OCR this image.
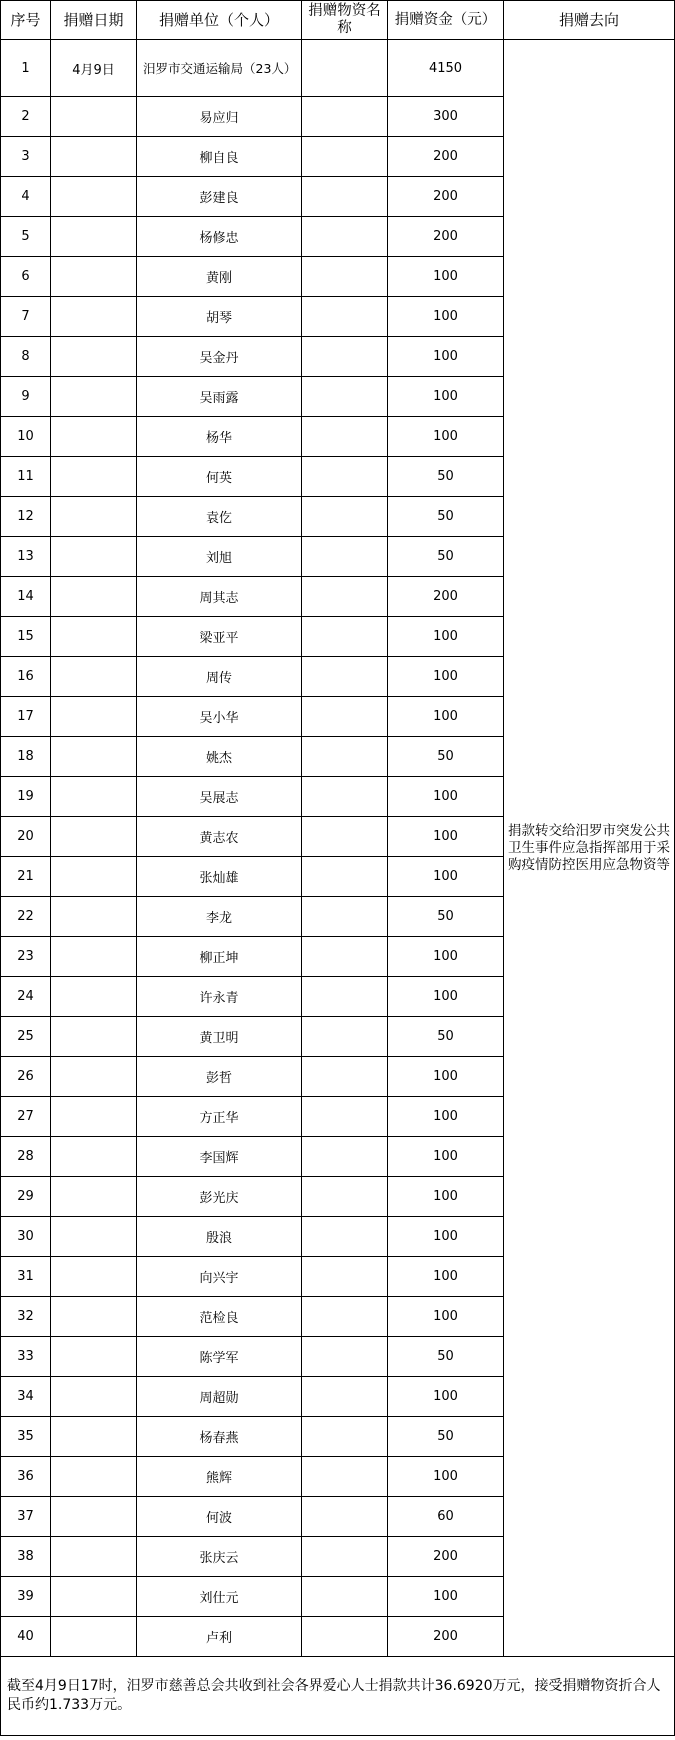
序号	捐赠日期	捐赠单位（个人）	捐赠物资名称	捐赠资金（元）	捐赠去向
1	4月9日	汨罗市交通运输局（23人）		4150	捐款转交给汨罗市突发公共卫生事件应急指挥部用于采购疫情防控医用应急物资等
2		易应归		300	
3		柳自良		200	
4		彭建良		200	
5		杨修忠		200	
6		黄刚		100	
7		胡琴		100	
8		吴金丹		100	
9		吴雨露		100	
10		杨华		100	
11		何英		50	
12		袁仡		50	
13		刘旭		50	
14		周其志		200	
15		梁亚平		100	
16		周传		100	
17		吴小华		100	
18		姚杰		50	
19		吴展志		100	
20		黄志农		100	
21		张灿雄		100	
22		李龙		50	
23		柳正坤		100	
24		许永青		100	
25		黄卫明		50	
26		彭哲		100	
27		方正华		100	
28		李国辉		100	
29		彭光庆		100	
30		殷浪		100	
31		向兴宇		100	
32		范检良		100	
33		陈学军		50	
34		周超勋		100	
35		杨春燕		50	
36		熊辉		100	
37		何波		60	
38		张庆云		200	
39		刘仕元		100	
40		卢利		200	
截至4月9日17时，汨罗市慈善总会共收到社会各界爱心人士捐款共计36.6920万元，接受捐赠物资折合人民币约1.733万元。					
